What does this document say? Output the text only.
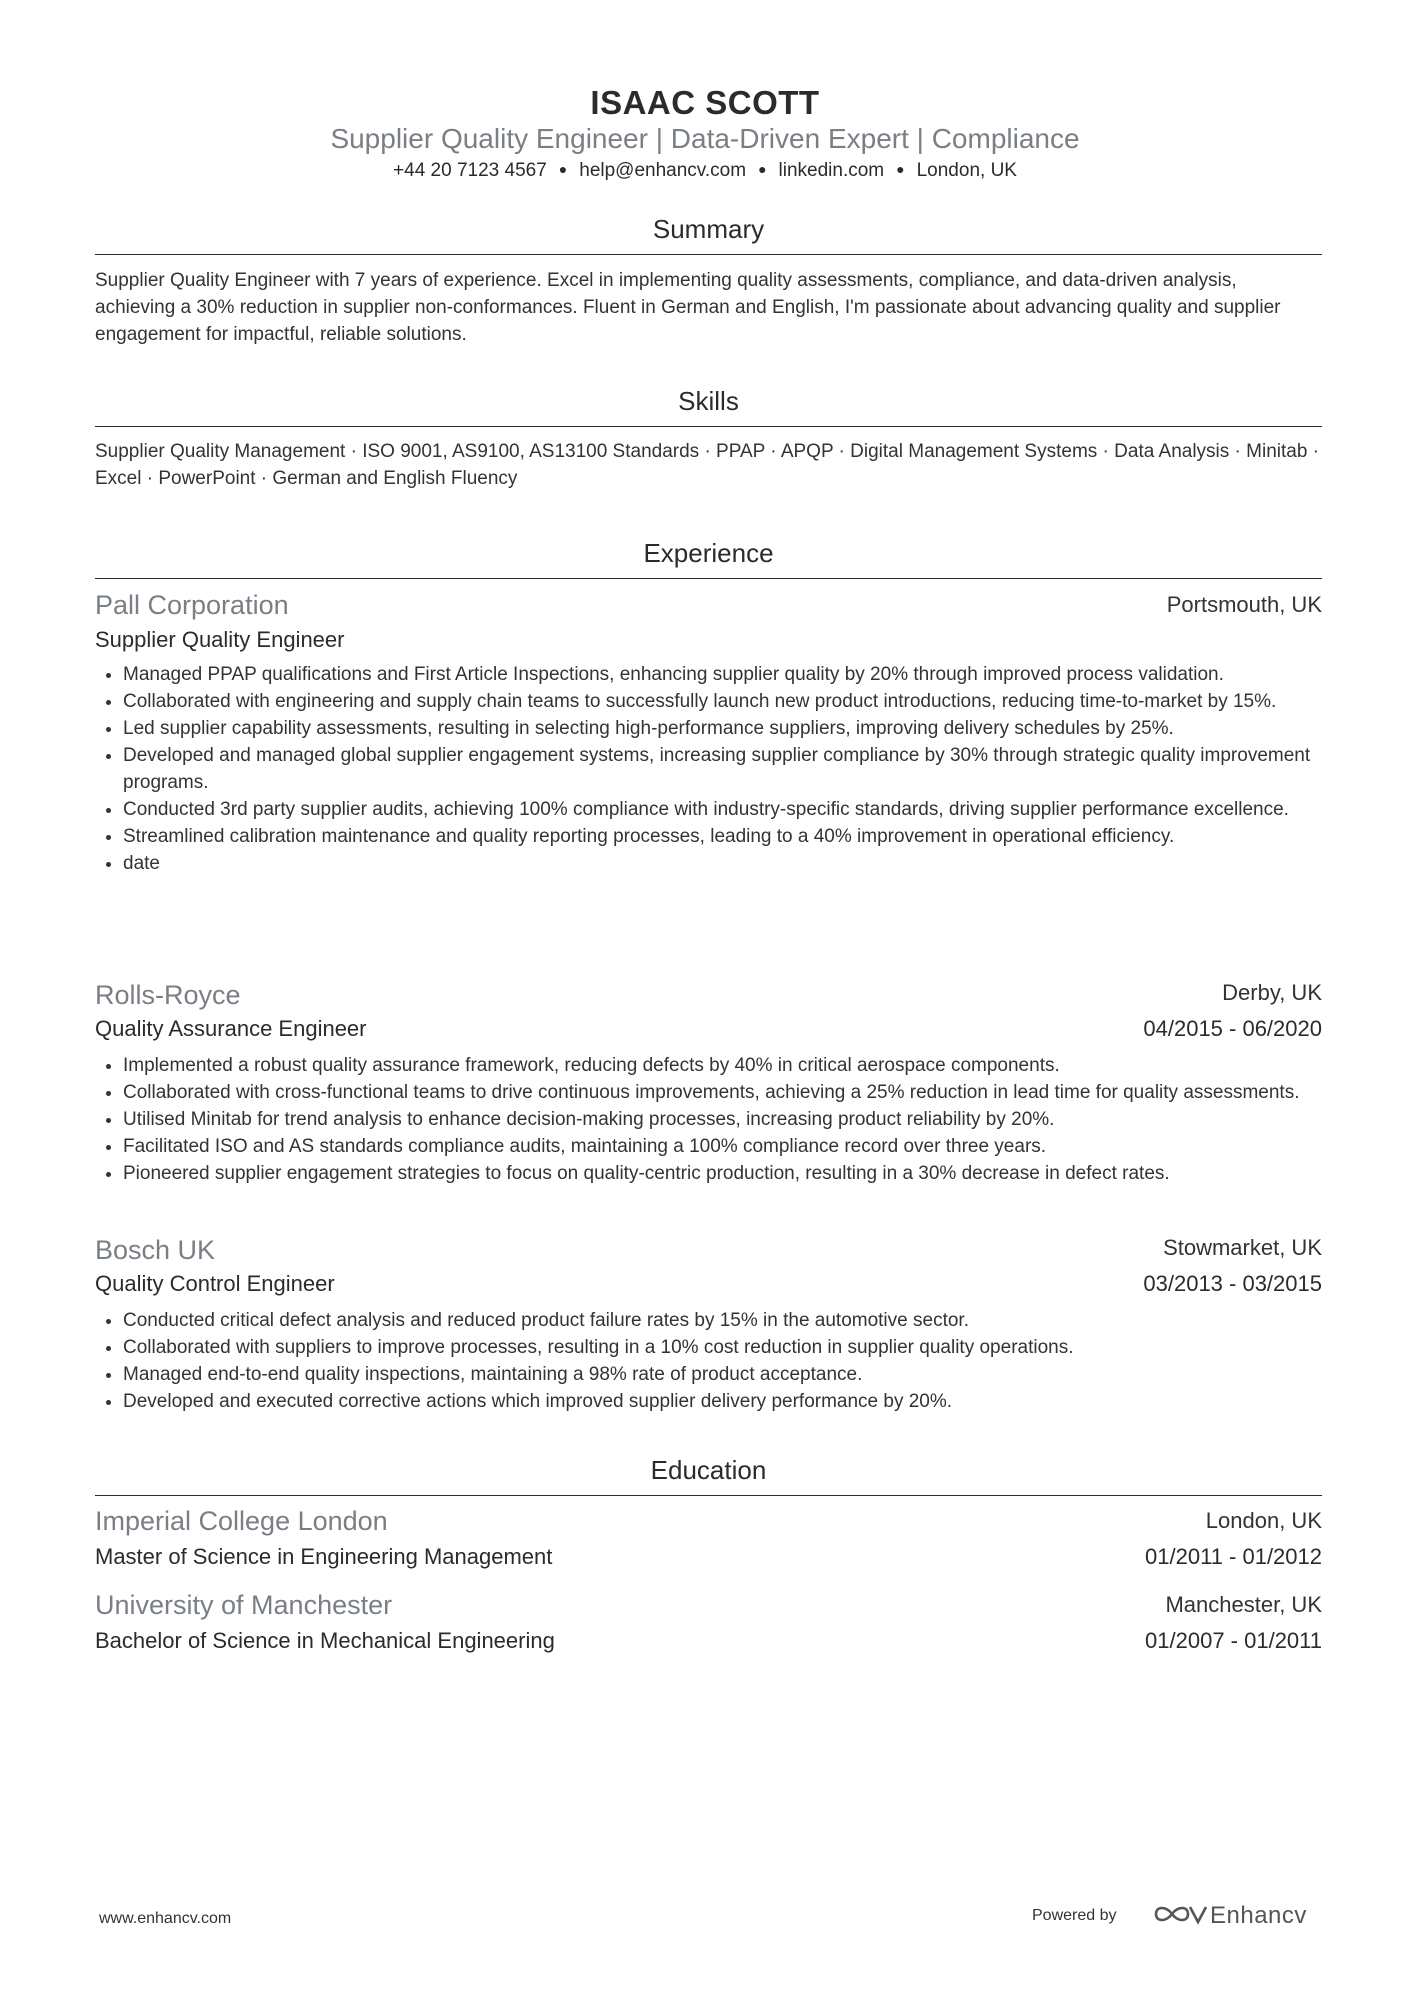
ISAAC SCOTT
Supplier Quality Engineer | Data-Driven Expert | Compliance
+44 20 7123 4567 ● help@enhancv.com ● linkedin.com ● London, UK
Summary
Supplier Quality Engineer with 7 years of experience. Excel in implementing quality assessments, compliance, and data-driven analysis, achieving a 30% reduction in supplier non-conformances. Fluent in German and English, I'm passionate about advancing quality and supplier engagement for impactful, reliable solutions.
Skills
Supplier Quality Management · ISO 9001, AS9100, AS13100 Standards · PPAP · APQP · Digital Management Systems · Data Analysis · Minitab · Excel · PowerPoint · German and English Fluency
Experience
Pall Corporation	Portsmouth, UK
Supplier Quality Engineer
• Managed PPAP qualifications and First Article Inspections, enhancing supplier quality by 20% through improved process validation.
• Collaborated with engineering and supply chain teams to successfully launch new product introductions, reducing time-to-market by 15%.
• Led supplier capability assessments, resulting in selecting high-performance suppliers, improving delivery schedules by 25%.
• Developed and managed global supplier engagement systems, increasing supplier compliance by 30% through strategic quality improvement programs.
• Conducted 3rd party supplier audits, achieving 100% compliance with industry-specific standards, driving supplier performance excellence.
• Streamlined calibration maintenance and quality reporting processes, leading to a 40% improvement in operational efficiency.
• date
Rolls-Royce	Derby, UK
Quality Assurance Engineer	04/2015 - 06/2020
• Implemented a robust quality assurance framework, reducing defects by 40% in critical aerospace components.
• Collaborated with cross-functional teams to drive continuous improvements, achieving a 25% reduction in lead time for quality assessments.
• Utilised Minitab for trend analysis to enhance decision-making processes, increasing product reliability by 20%.
• Facilitated ISO and AS standards compliance audits, maintaining a 100% compliance record over three years.
• Pioneered supplier engagement strategies to focus on quality-centric production, resulting in a 30% decrease in defect rates.
Bosch UK	Stowmarket, UK
Quality Control Engineer	03/2013 - 03/2015
• Conducted critical defect analysis and reduced product failure rates by 15% in the automotive sector.
• Collaborated with suppliers to improve processes, resulting in a 10% cost reduction in supplier quality operations.
• Managed end-to-end quality inspections, maintaining a 98% rate of product acceptance.
• Developed and executed corrective actions which improved supplier delivery performance by 20%.
Education
Imperial College London	London, UK
Master of Science in Engineering Management	01/2011 - 01/2012
University of Manchester	Manchester, UK
Bachelor of Science in Mechanical Engineering	01/2007 - 01/2011
www.enhancv.com	Powered by	Enhancv
